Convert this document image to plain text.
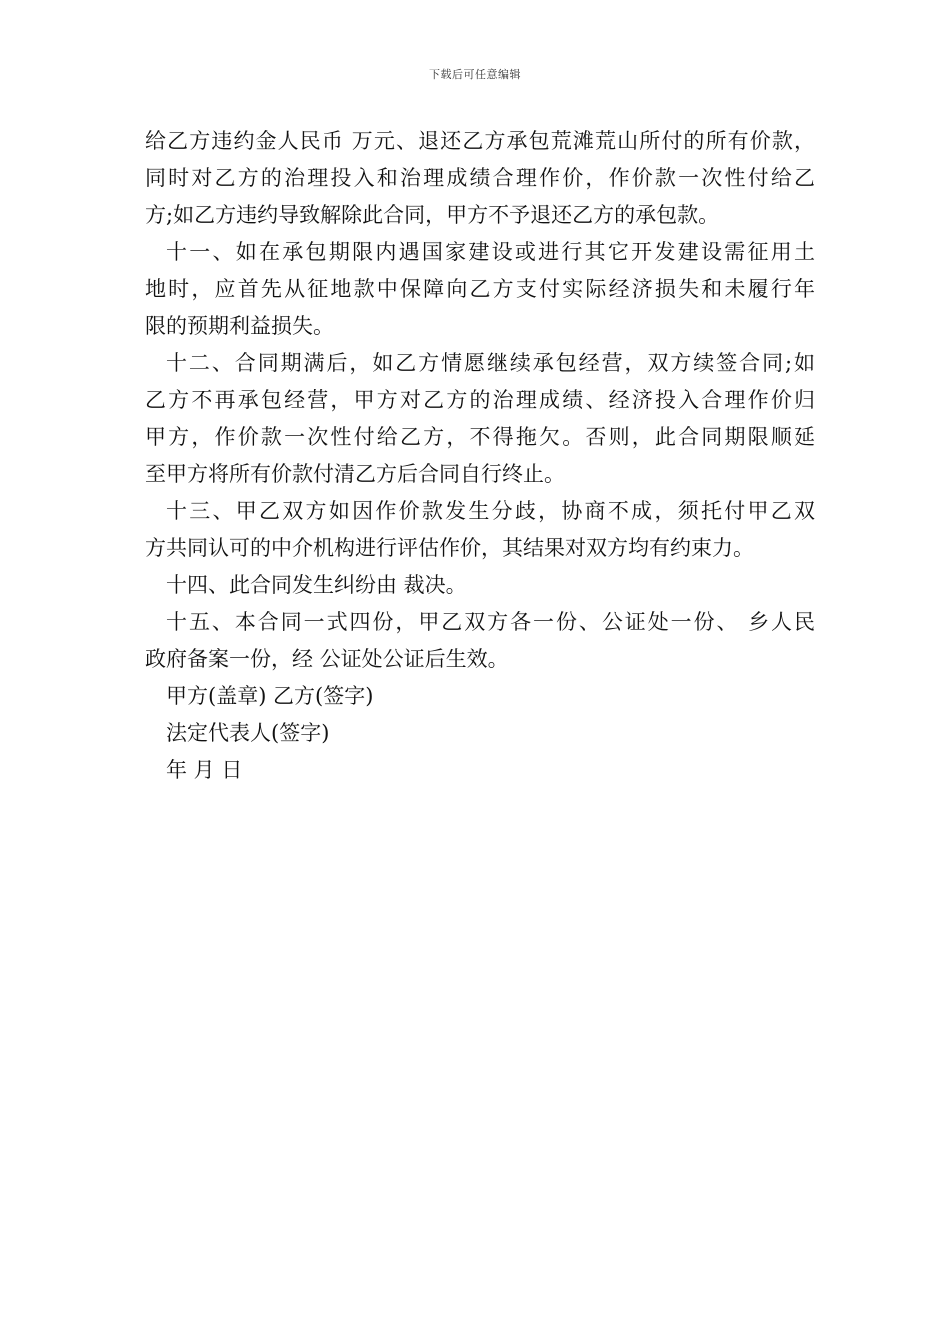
下载后可任意编辑
给乙方违约金人民币 万元、退还乙方承包荒滩荒山所付的所有价款，
同时对乙方的治理投入和治理成绩合理作价，作价款一次性付给乙
方;如乙方违约导致解除此合同，甲方不予退还乙方的承包款。
十一、如在承包期限内遇国家建设或进行其它开发建设需征用土
地时，应首先从征地款中保障向乙方支付实际经济损失和未履行年
限的预期利益损失。
十二、合同期满后，如乙方情愿继续承包经营，双方续签合同;如
乙方不再承包经营，甲方对乙方的治理成绩、经济投入合理作价归
甲方，作价款一次性付给乙方，不得拖欠。否则，此合同期限顺延
至甲方将所有价款付清乙方后合同自行终止。
十三、甲乙双方如因作价款发生分歧，协商不成，须托付甲乙双
方共同认可的中介机构进行评估作价，其结果对双方均有约束力。
十四、此合同发生纠纷由 裁决。
十五、本合同一式四份，甲乙双方各一份、公证处一份、 乡人民
政府备案一份，经 公证处公证后生效。
甲方(盖章) 乙方(签字)
法定代表人(签字)
年 月 日
